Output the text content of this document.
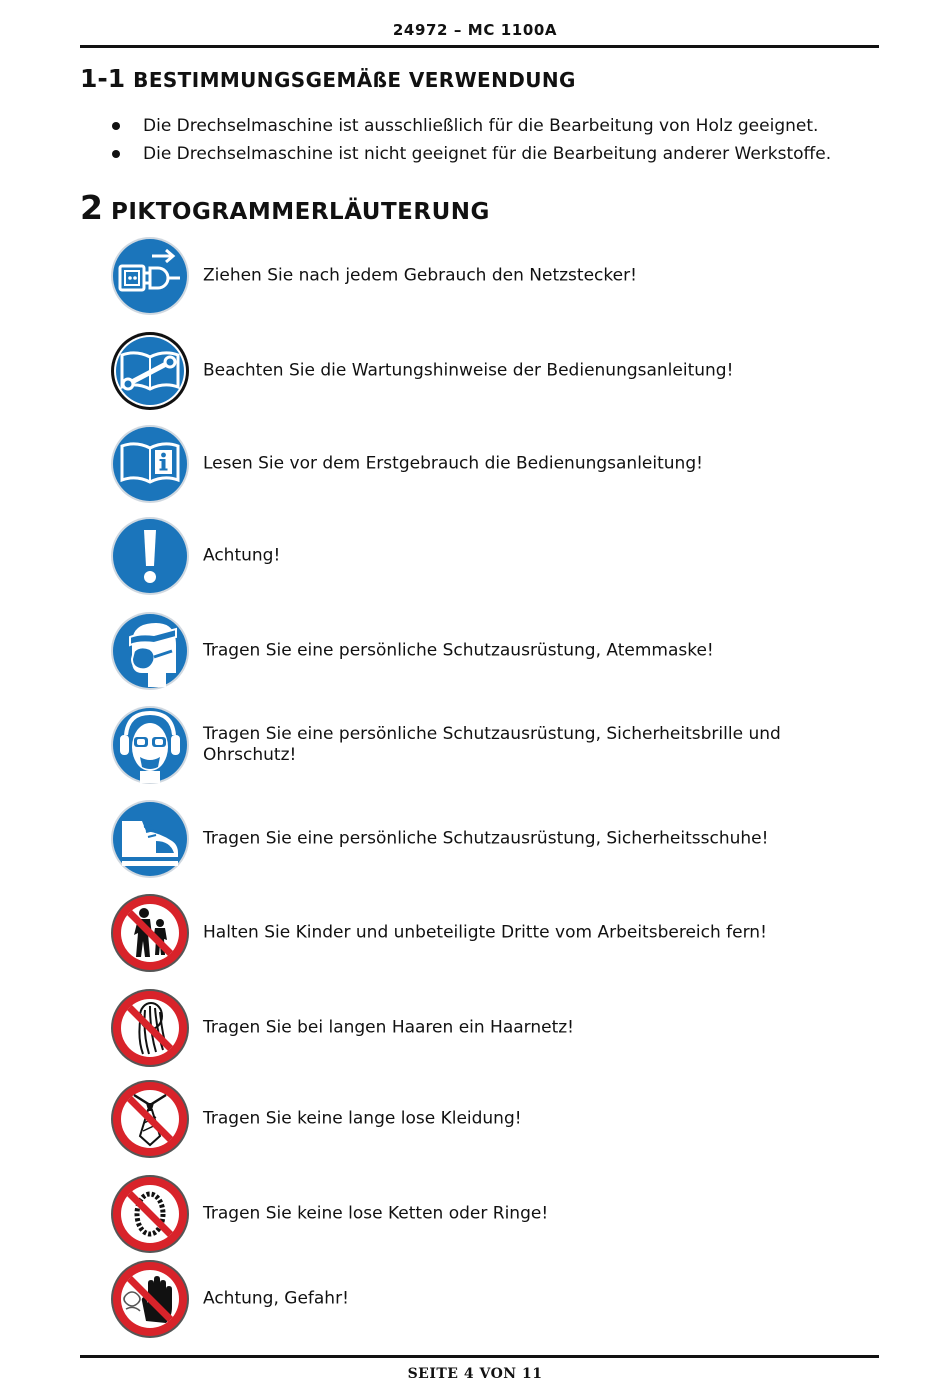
24972 – MC 1100A
1-1 BESTIMMUNGSGEMÄßE VERWENDUNG
Die Drechselmaschine ist ausschließlich für die Bearbeitung von Holz geeignet.
Die Drechselmaschine ist nicht geeignet für die Bearbeitung anderer Werkstoffe.
2 PIKTOGRAMMERLÄUTERUNG
Ziehen Sie nach jedem Gebrauch den Netzstecker!
Beachten Sie die Wartungshinweise der Bedienungsanleitung!
Lesen Sie vor dem Erstgebrauch die Bedienungsanleitung!
Achtung!
Tragen Sie eine persönliche Schutzausrüstung, Atemmaske!
Tragen Sie eine persönliche Schutzausrüstung, Sicherheitsbrille und Ohrschutz!
Tragen Sie eine persönliche Schutzausrüstung, Sicherheitsschuhe!
Halten Sie Kinder und unbeteiligte Dritte vom Arbeitsbereich fern!
Tragen Sie bei langen Haaren ein Haarnetz!
Tragen Sie keine lange lose Kleidung!
Tragen Sie keine lose Ketten oder Ringe!
Achtung, Gefahr!
SEITE 4 VON 11
